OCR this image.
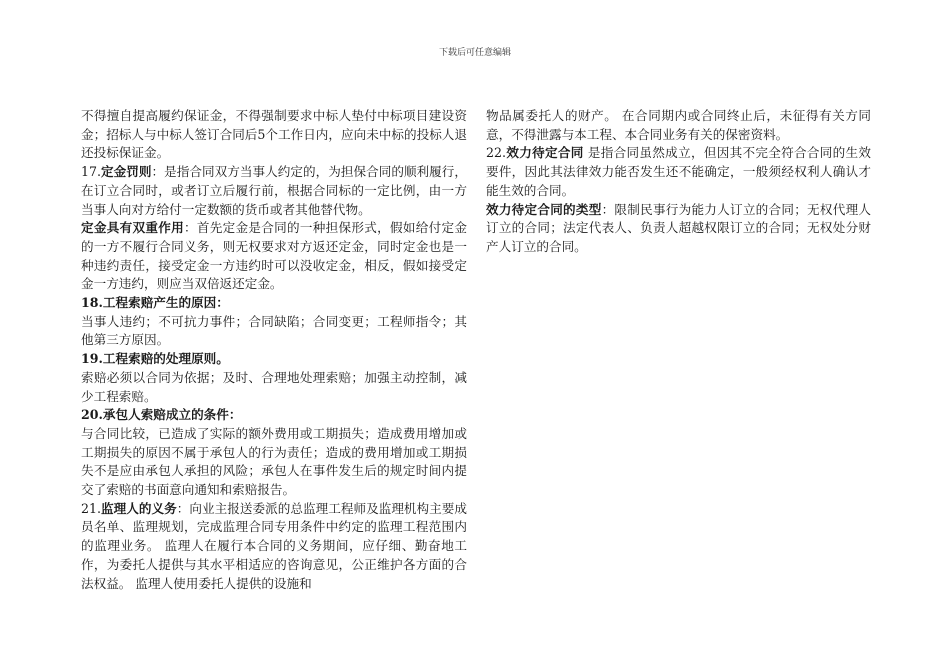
下载后可任意编辑

不得擅自提高履约保证金，不得强制要求中标人垫付中标项目建设资金；招标人与中标人签订合同后5个工作日内，应向未中标的投标人退还投标保证金。

17.定金罚则：是指合同双方当事人约定的，为担保合同的顺利履行，在订立合同时，或者订立后履行前，根据合同标的一定比例，由一方当事人向对方给付一定数额的货币或者其他替代物。

定金具有双重作用：首先定金是合同的一种担保形式，假如给付定金的一方不履行合同义务，则无权要求对方返还定金，同时定金也是一种违约责任，接受定金一方违约时可以没收定金，相反，假如接受定金一方违约，则应当双倍返还定金。

18.工程索赔产生的原因：

当事人违约；不可抗力事件；合同缺陷；合同变更；工程师指令；其他第三方原因。

19.工程索赔的处理原则。

索赔必须以合同为依据；及时、合理地处理索赔；加强主动控制，减少工程索赔。

20.承包人索赔成立的条件：

与合同比较，已造成了实际的额外费用或工期损失；造成费用增加或工期损失的原因不属于承包人的行为责任；造成的费用增加或工期损失不是应由承包人承担的风险；承包人在事件发生后的规定时间内提交了索赔的书面意向通知和索赔报告。

21.监理人的义务：向业主报送委派的总监理工程师及监理机构主要成员名单、监理规划，完成监理合同专用条件中约定的监理工程范围内的监理业务。 监理人在履行本合同的义务期间，应仔细、勤奋地工作，为委托人提供与其水平相适应的咨询意见，公正维护各方面的合法权益。 监理人使用委托人提供的设施和

物品属委托人的财产。 在合同期内或合同终止后，未征得有关方同意，不得泄露与本工程、本合同业务有关的保密资料。

22.效力待定合同 是指合同虽然成立，但因其不完全符合合同的生效要件，因此其法律效力能否发生还不能确定，一般须经权利人确认才能生效的合同。

效力待定合同的类型：限制民事行为能力人订立的合同；无权代理人订立的合同；法定代表人、负责人超越权限订立的合同；无权处分财产人订立的合同。
